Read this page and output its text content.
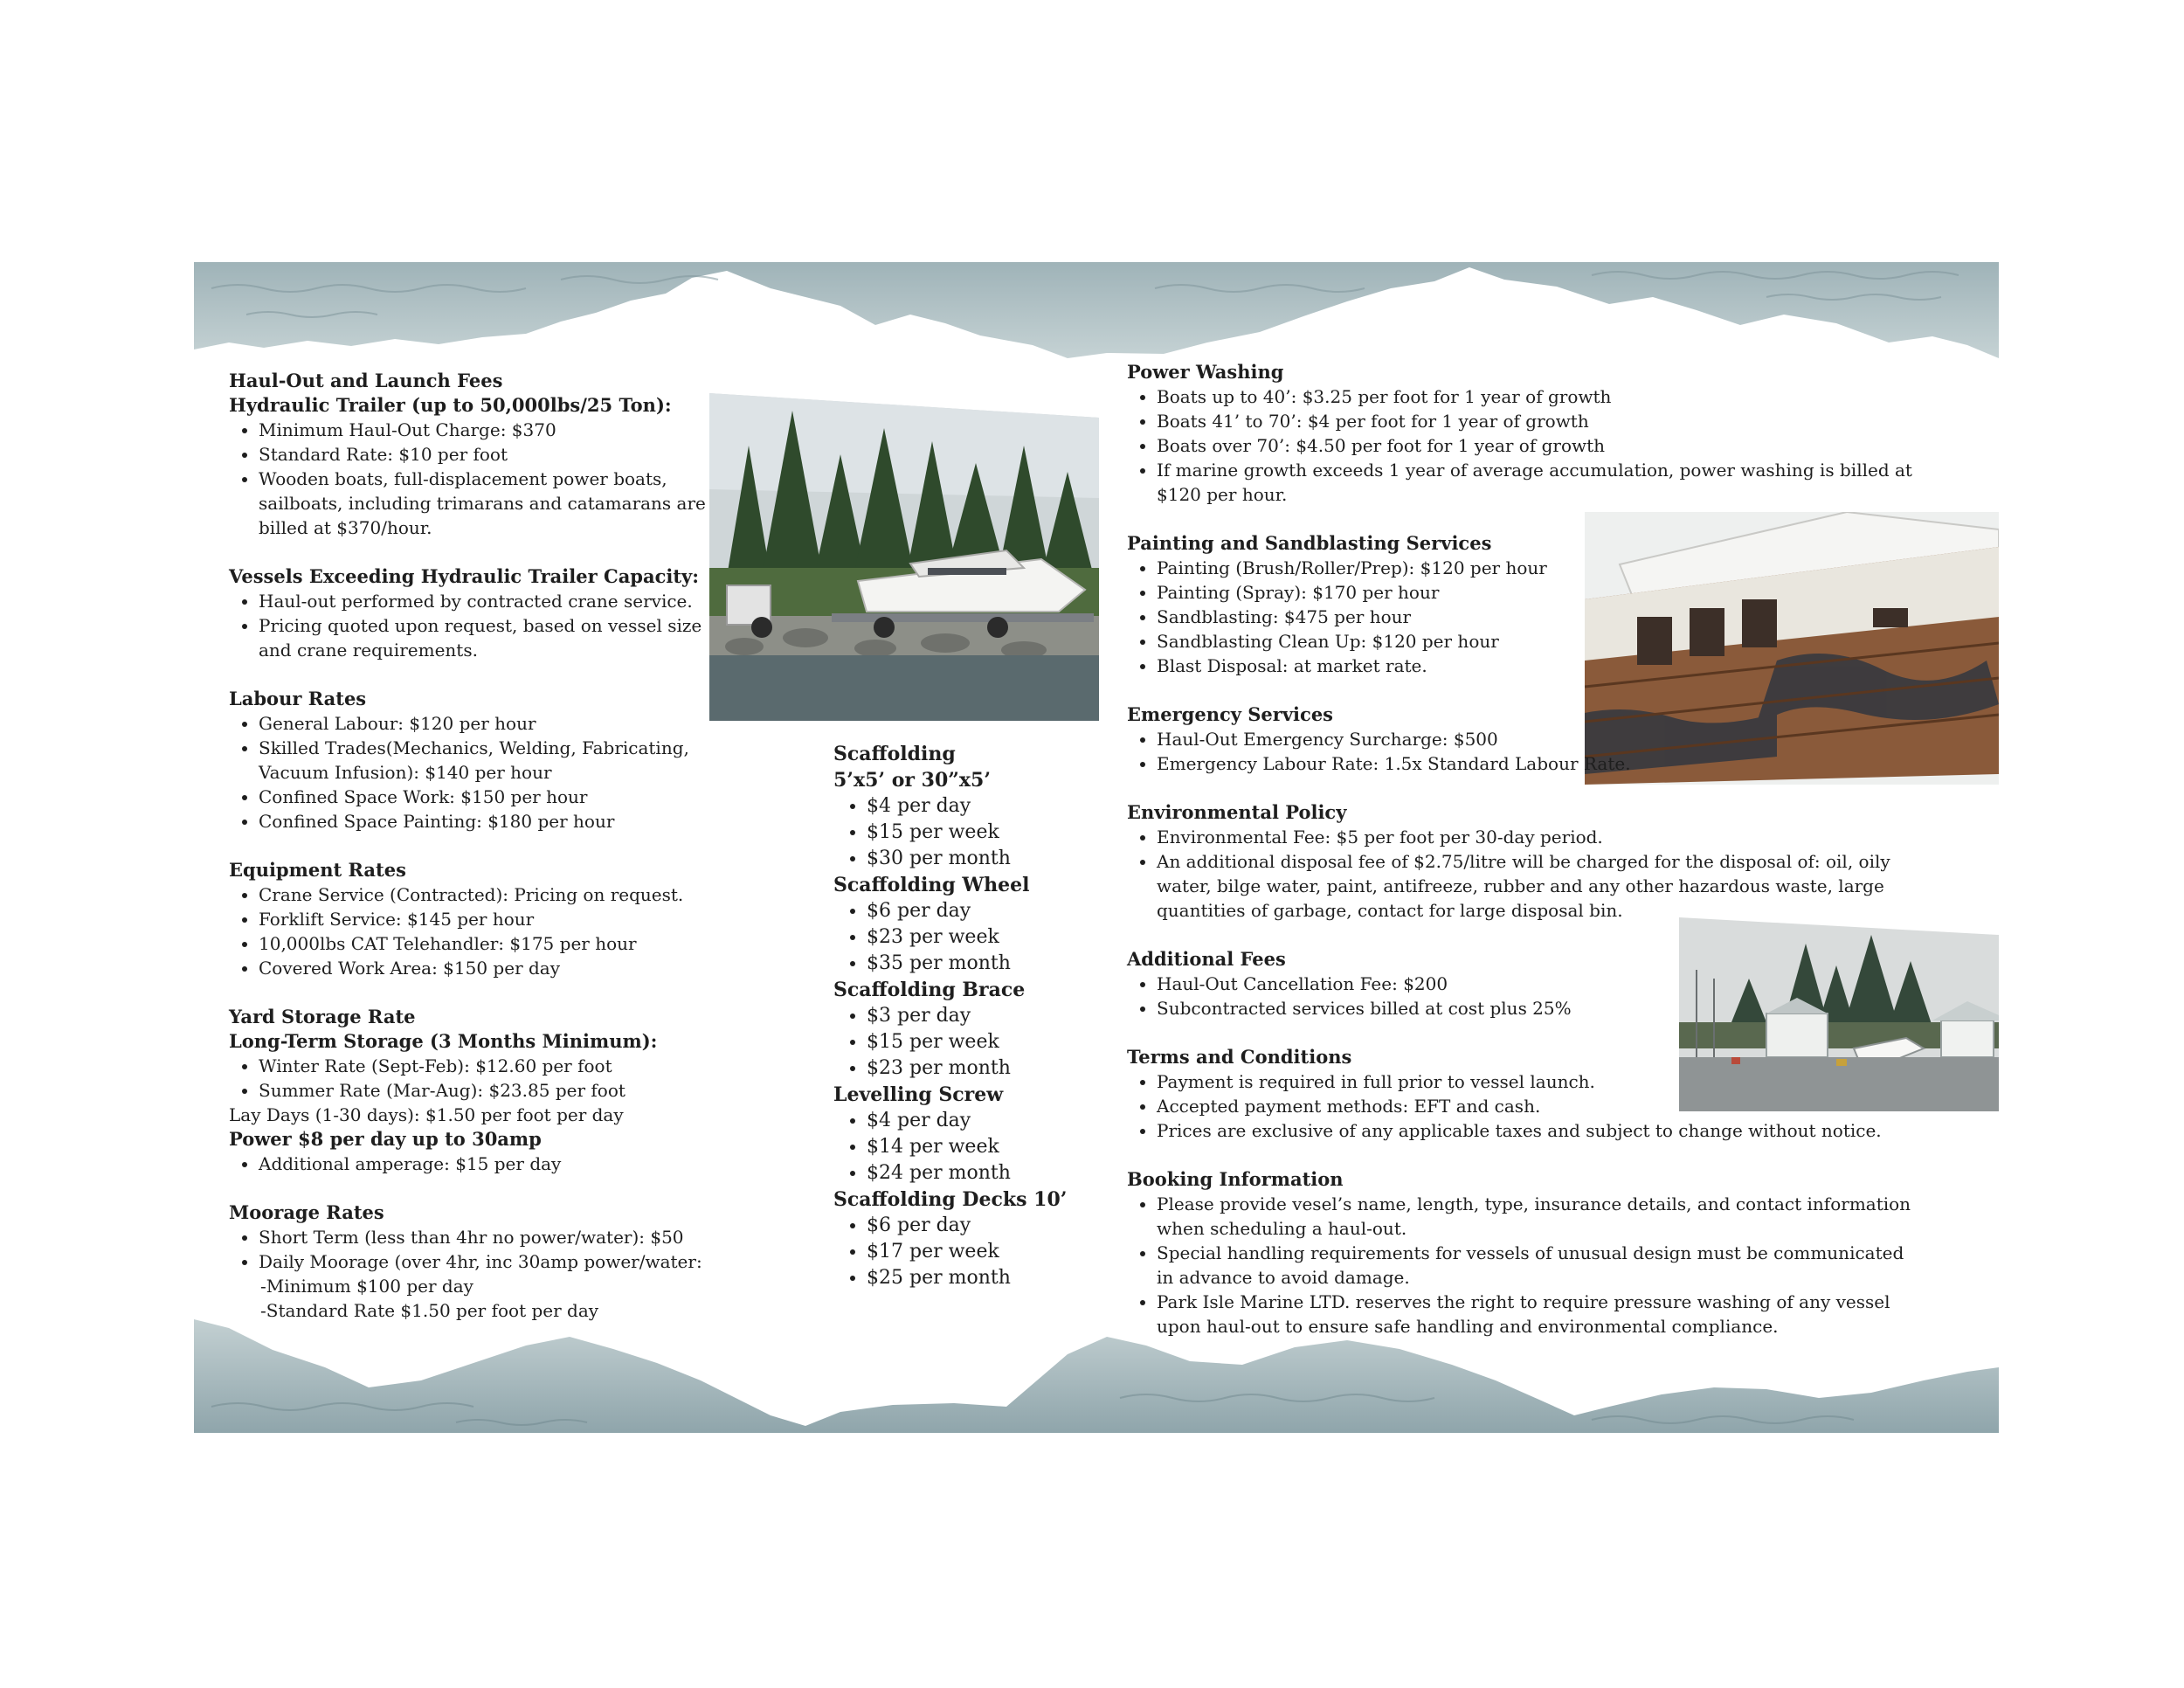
Haul-Out and Launch Fees

Hydraulic Trailer (up to 50,000lbs/25 Ton):

• Minimum Haul-Out Charge: $370
• Standard Rate: $10 per foot
• Wooden boats, full-displacement power boats, sailboats, including trimarans and catamarans are billed at $370/hour.

Vessels Exceeding Hydraulic Trailer Capacity:

• Haul-out performed by contracted crane service.
• Pricing quoted upon request, based on vessel size and crane requirements.

Labour Rates

• General Labour: $120 per hour
• Skilled Trades(Mechanics, Welding, Fabricating, Vacuum Infusion): $140 per hour
• Confined Space Work: $150 per hour
• Confined Space Painting: $180 per hour

Equipment Rates

• Crane Service (Contracted): Pricing on request.
• Forklift Service: $145 per hour
• 10,000lbs CAT Telehandler: $175 per hour
• Covered Work Area: $150 per day

Yard Storage Rate

Long-Term Storage (3 Months Minimum):

• Winter Rate (Sept-Feb): $12.60 per foot
• Summer Rate (Mar-Aug): $23.85 per foot

Lay Days (1-30 days): $1.50 per foot per day

Power $8 per day up to 30amp

• Additional amperage: $15 per day

Moorage Rates

• Short Term (less than 4hr no power/water): $50
• Daily Moorage (over 4hr, inc 30amp power/water:

-Minimum $100 per day

-Standard Rate $1.50 per foot per day

Scaffolding

5’x5’ or 30”x5’

• $4 per day
• $15 per week
• $30 per month

Scaffolding Wheel

• $6 per day
• $23 per week
• $35 per month

Scaffolding Brace

• $3 per day
• $15 per week
• $23 per month

Levelling Screw

• $4 per day
• $14 per week
• $24 per month

Scaffolding Decks 10’

• $6 per day
• $17 per week
• $25 per month

Power Washing

• Boats up to 40’: $3.25 per foot for 1 year of growth
• Boats 41’ to 70’: $4 per foot for 1 year of growth
• Boats over 70’: $4.50 per foot for 1 year of growth
• If marine growth exceeds 1 year of average accumulation, power washing is billed at $120 per hour.

Painting and Sandblasting Services

• Painting (Brush/Roller/Prep): $120 per hour
• Painting (Spray): $170 per hour
• Sandblasting: $475 per hour
• Sandblasting Clean Up: $120 per hour
• Blast Disposal: at market rate.

Emergency Services

• Haul-Out Emergency Surcharge: $500
• Emergency Labour Rate: 1.5x Standard Labour Rate.

Environmental Policy

• Environmental Fee: $5 per foot per 30-day period.
• An additional disposal fee of $2.75/litre will be charged for the disposal of: oil, oily water, bilge water, paint, antifreeze, rubber and any other hazardous waste, large quantities of garbage, contact for large disposal bin.

Additional Fees

• Haul-Out Cancellation Fee: $200
• Subcontracted services billed at cost plus 25%

Terms and Conditions

• Payment is required in full prior to vessel launch.
• Accepted payment methods: EFT and cash.
• Prices are exclusive of any applicable taxes and subject to change without notice.

Booking Information

• Please provide vesel’s name, length, type, insurance details, and contact information when scheduling a haul-out.
• Special handling requirements for vessels of unusual design must be communicated in advance to avoid damage.
• Park Isle Marine LTD. reserves the right to require pressure washing of any vessel upon haul-out to ensure safe handling and environmental compliance.
